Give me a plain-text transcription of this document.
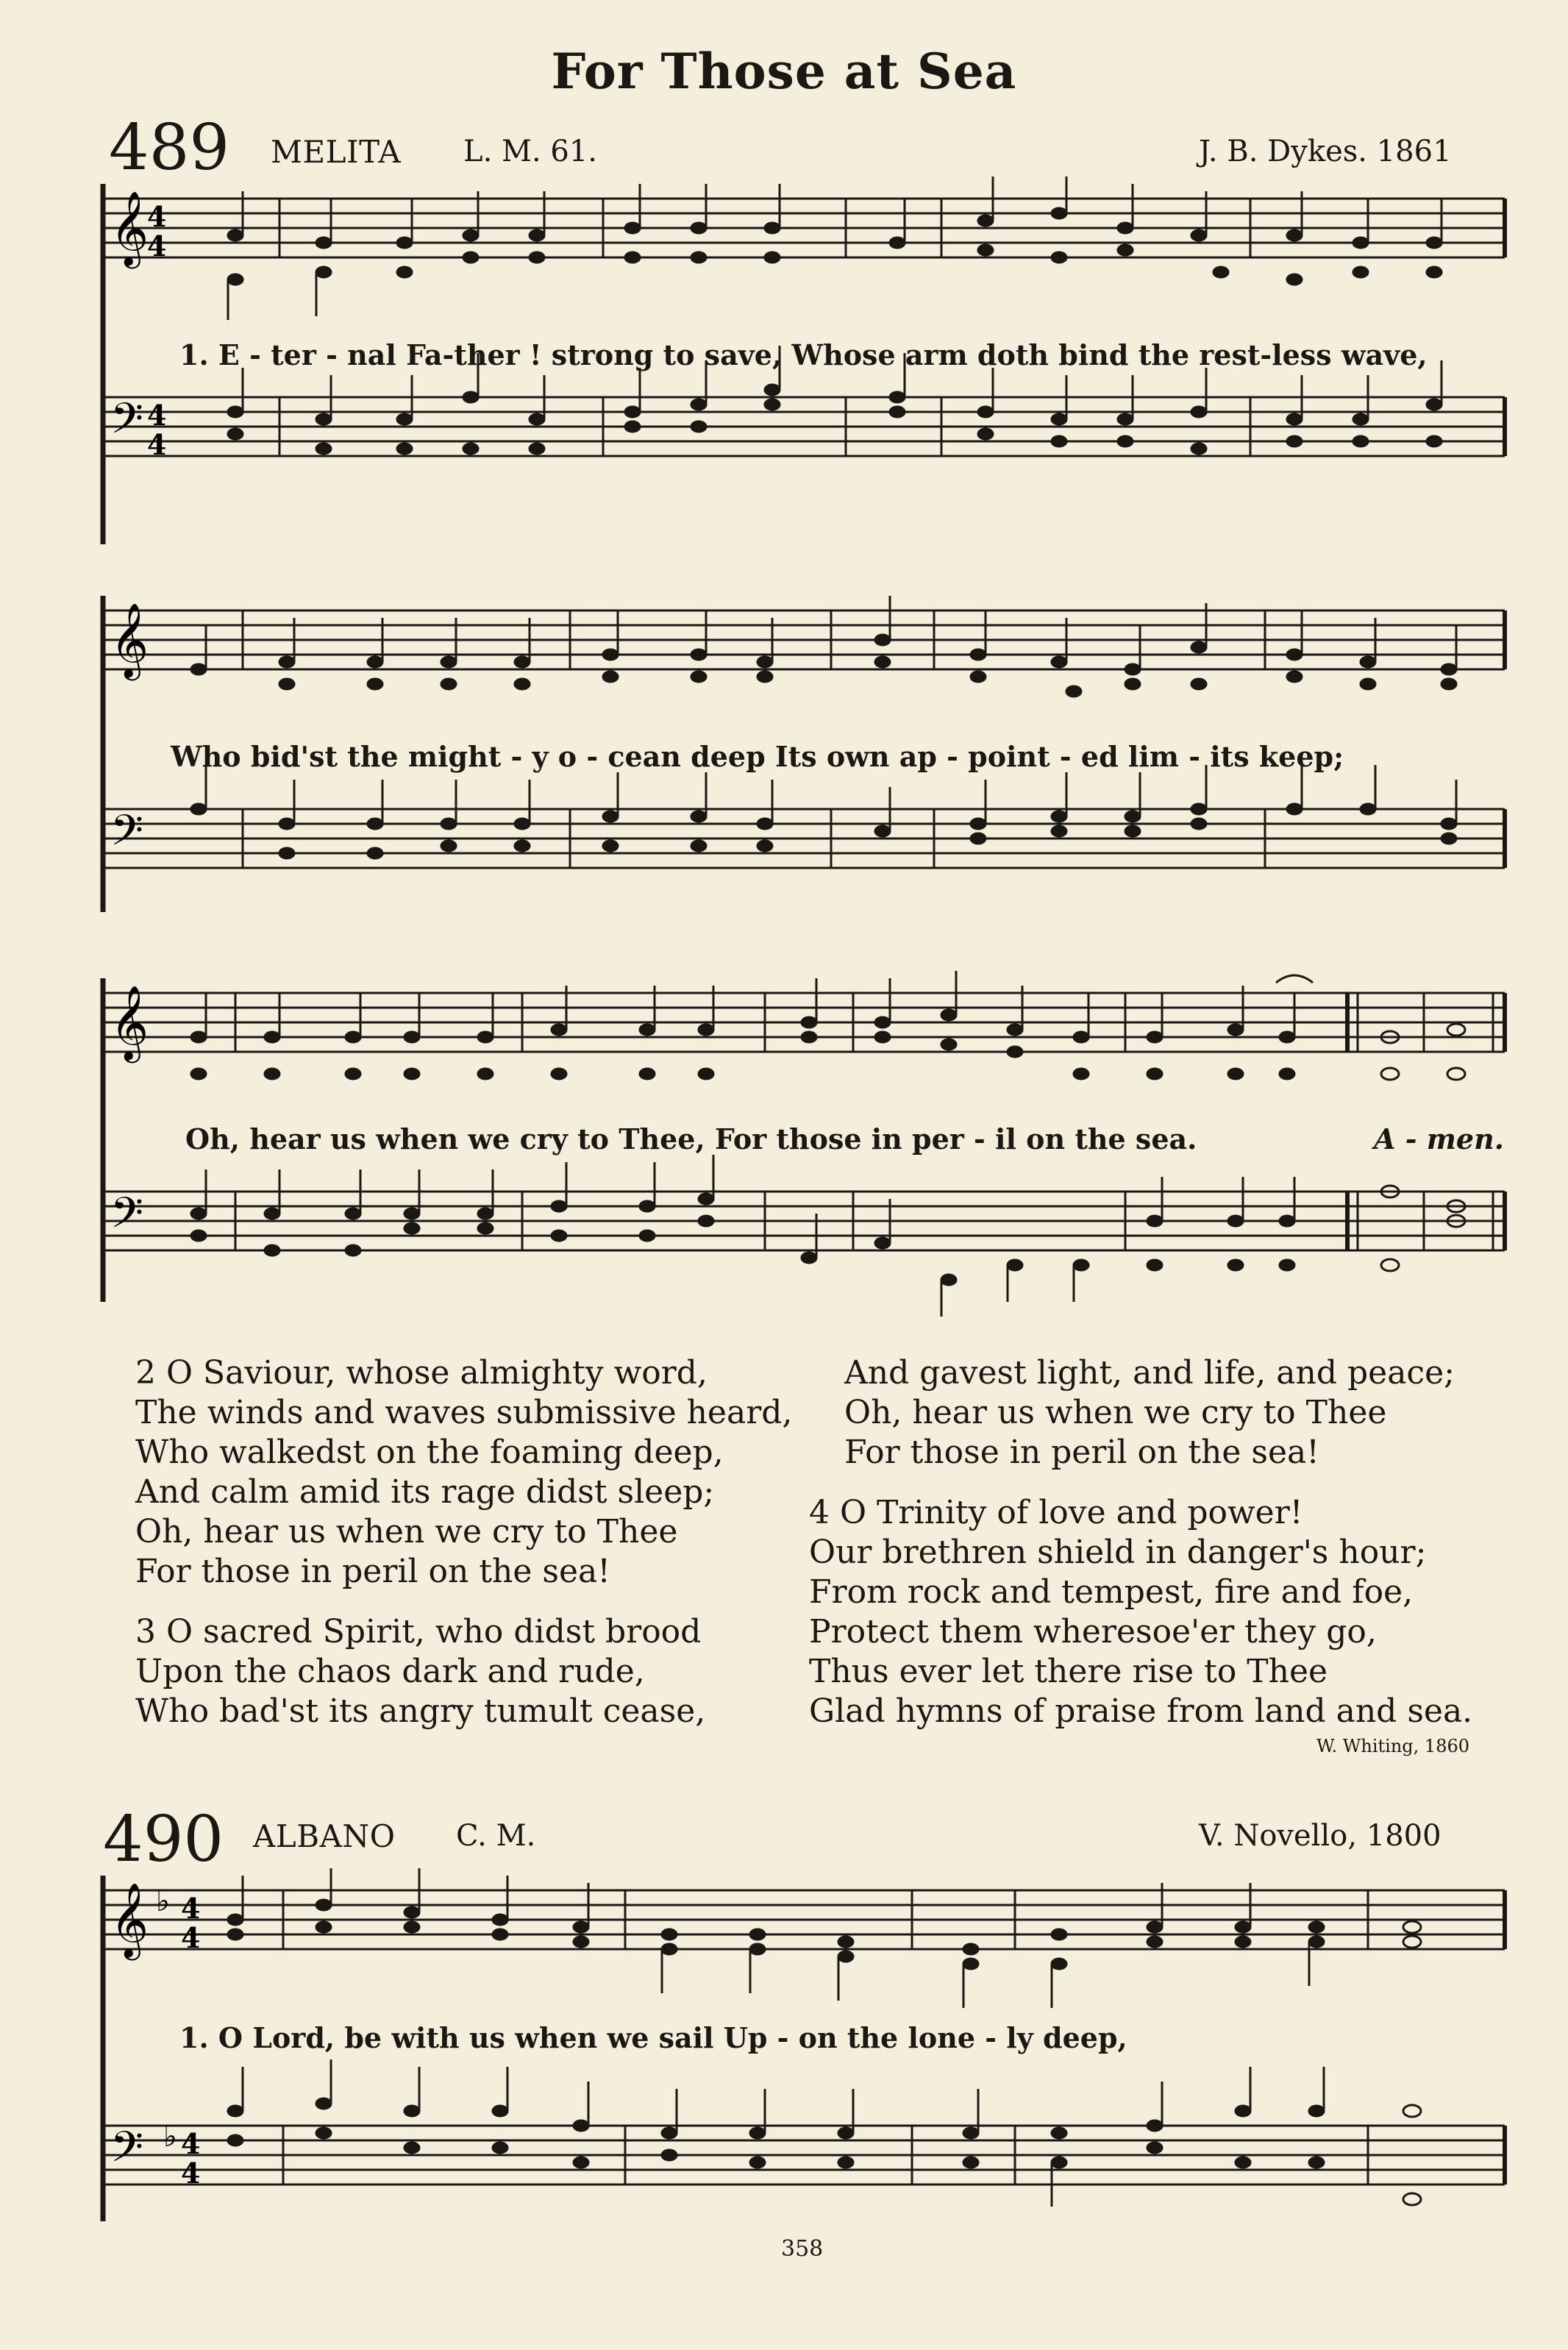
For Those at Sea
489 MELITA L. M. 61.	J. B. Dykes. 1861
𝄞
𝄢
4
4
4
4
1. E - ter - nal Fa-ther ! strong to save, Whose arm doth bind the rest-less wave,
𝄞
𝄢
Who bid'st the might - y o - cean deep Its own ap - point - ed lim - its keep;
𝄞
𝄢
Oh, hear us when we cry to Thee, For those in per - il on the sea.	A - men.
2 O Saviour, whose almighty word,
The winds and waves submissive heard,
Who walkedst on the foaming deep,
And calm amid its rage didst sleep;
Oh, hear us when we cry to Thee
For those in peril on the sea!
3 O sacred Spirit, who didst brood
Upon the chaos dark and rude,
Who bad'st its angry tumult cease,
And gavest light, and life, and peace;
Oh, hear us when we cry to Thee
For those in peril on the sea!
4 O Trinity of love and power!
Our brethren shield in danger's hour;
From rock and tempest, fire and foe,
Protect them wheresoe'er they go,
Thus ever let there rise to Thee
Glad hymns of praise from land and sea.
W. Whiting, 1860
490 ALBANO C. M.	V. Novello, 1800
𝄞
𝄢
♭
♭
4
4
4
4
1. O Lord, be with us when we sail Up - on the lone - ly deep,
358
